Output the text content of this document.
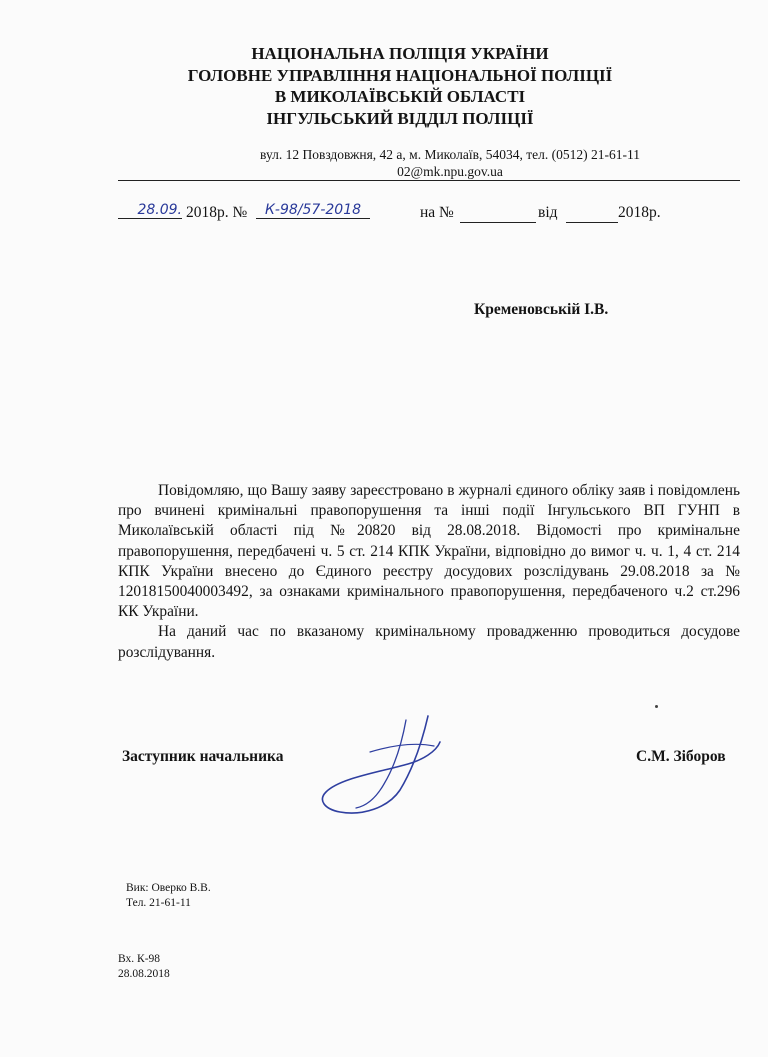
НАЦІОНАЛЬНА ПОЛІЦІЯ УКРАЇНИ
ГОЛОВНЕ УПРАВЛІННЯ НАЦІОНАЛЬНОЇ ПОЛІЦІЇ
В МИКОЛАЇВСЬКІЙ ОБЛАСТІ
ІНГУЛЬСЬКИЙ ВІДДІЛ ПОЛІЦІЇ
вул. 12 Повздовжня, 42 а, м. Миколаїв, 54034, тел. (0512) 21-61-11
02@mk.npu.gov.ua
28.09. 2018р. №	К-98/57-2018	на №	від	2018р.
Кременовській І.В.

Повідомляю, що Вашу заяву зареєстровано в журналі єдиного обліку заяв і повідомлень про вчинені кримінальні правопорушення та інші події Інгульського ВП ГУНП в Миколаївській області під №20820 від 28.08.2018. Відомості про кримінальне правопорушення, передбачені ч. 5 ст. 214 КПК України, відповідно до вимог ч. ч. 1, 4 ст. 214 КПК України внесено до Єдиного реєстру досудових розслідувань 29.08.2018 за № 12018150040003492, за ознаками кримінального правопорушення, передбаченого ч.2 ст.296 КК України.

На даний час по вказаному кримінальному провадженню проводиться досудове розслідування.

Заступник начальника	С.М. Зіборов
Вик: Оверко В.В.
Тел. 21-61-11
Вх. К-98
28.08.2018
